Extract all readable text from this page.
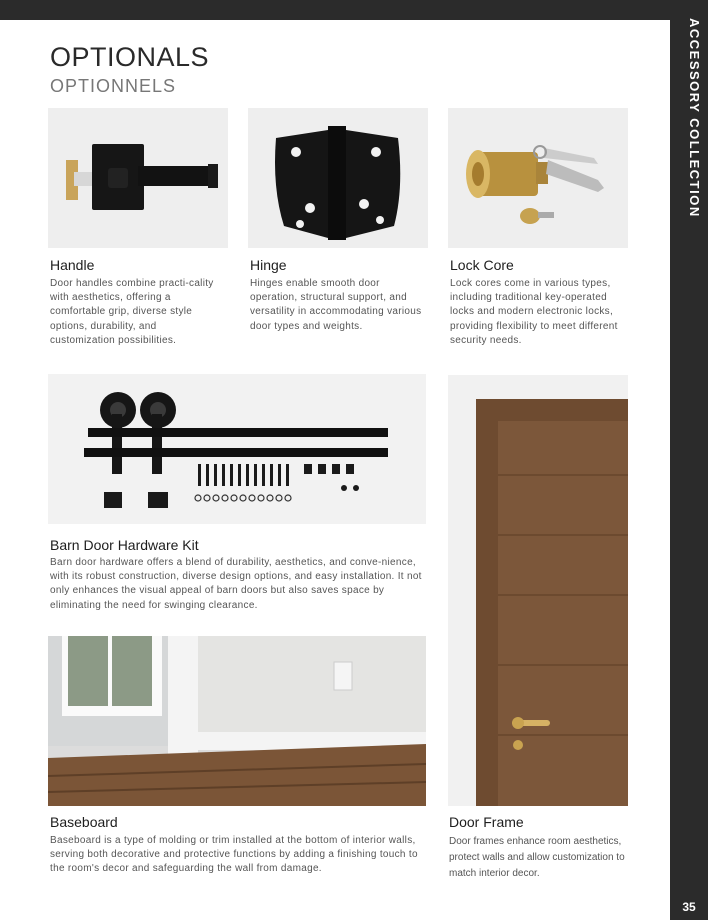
ACCESSORY COLLECTION
35
OPTIONALS
OPTIONNELS
Handle
Door handles combine practi-cality with aesthetics, offering a comfortable grip, diverse style options, durability, and customization possibilities.
Hinge
Hinges enable smooth door operation, structural support, and versatility in accommodating various door types and weights.
Lock Core
Lock cores come in various types, including traditional key-operated locks and modern electronic locks, providing flexibility to meet different security needs.
Barn Door Hardware Kit
Barn door hardware offers a blend of durability, aesthetics, and conve-nience, with its robust construction, diverse design options, and easy installation. It not only enhances the visual appeal of barn doors but also saves space by eliminating the need for swinging clearance.
Baseboard
Baseboard is a type of molding or trim installed at the bottom of interior walls, serving both decorative and protective functions by adding a finishing touch to the room's decor and safeguarding the wall from damage.
Door Frame
Door frames enhance room aesthetics, protect walls and allow customization to match interior decor.
